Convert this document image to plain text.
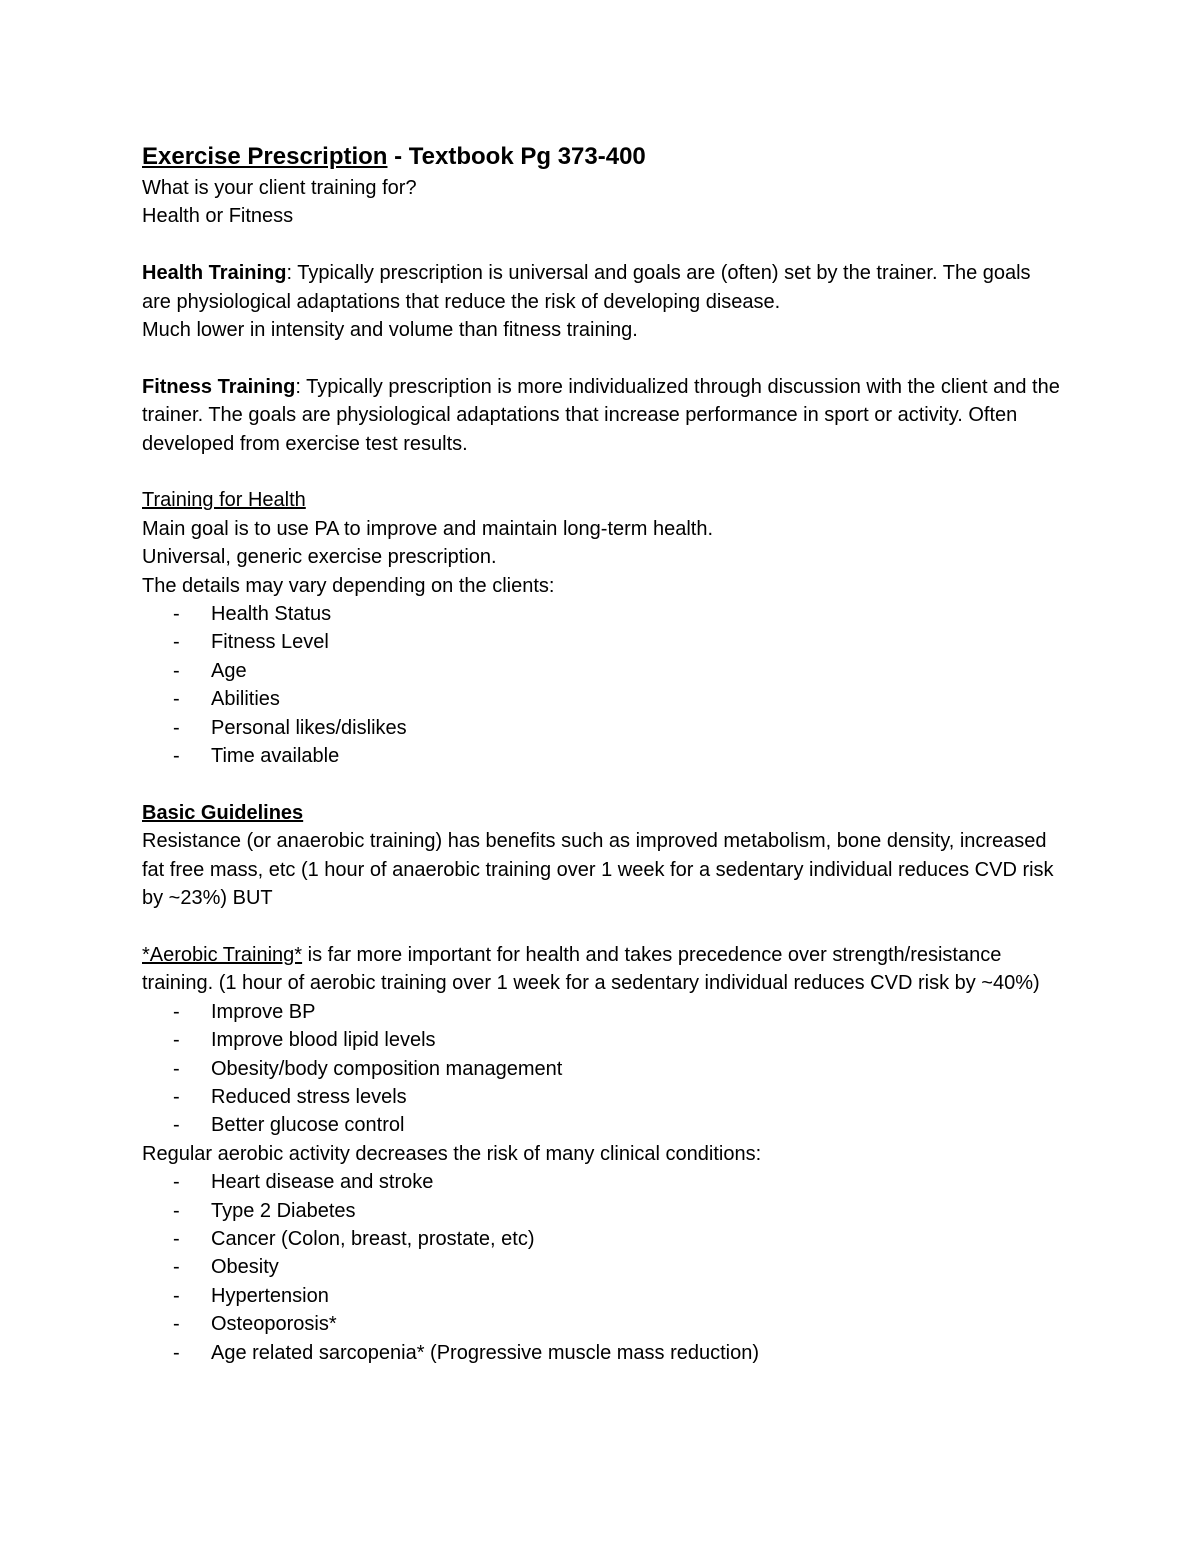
Exercise Prescription - Textbook Pg 373-400

What is your client training for?

Health or Fitness

Health Training: Typically prescription is universal and goals are (often) set by the trainer. The goals are physiological adaptations that reduce the risk of developing disease.

Much lower in intensity and volume than fitness training.

Fitness Training: Typically prescription is more individualized through discussion with the client and the trainer. The goals are physiological adaptations that increase performance in sport or activity. Often developed from exercise test results.

Training for Health

Main goal is to use PA to improve and maintain long-term health.

Universal, generic exercise prescription.

The details may vary depending on the clients:

- Health Status
- Fitness Level
- Age
- Abilities
- Personal likes/dislikes
- Time available

Basic Guidelines

Resistance (or anaerobic training) has benefits such as improved metabolism, bone density, increased fat free mass, etc (1 hour of anaerobic training over 1 week for a sedentary individual reduces CVD risk by ~23%) BUT

*Aerobic Training* is far more important for health and takes precedence over strength/resistance training. (1 hour of aerobic training over 1 week for a sedentary individual reduces CVD risk by ~40%)

- Improve BP
- Improve blood lipid levels
- Obesity/body composition management
- Reduced stress levels
- Better glucose control

Regular aerobic activity decreases the risk of many clinical conditions:

- Heart disease and stroke
- Type 2 Diabetes
- Cancer (Colon, breast, prostate, etc)
- Obesity
- Hypertension
- Osteoporosis*
- Age related sarcopenia* (Progressive muscle mass reduction)
